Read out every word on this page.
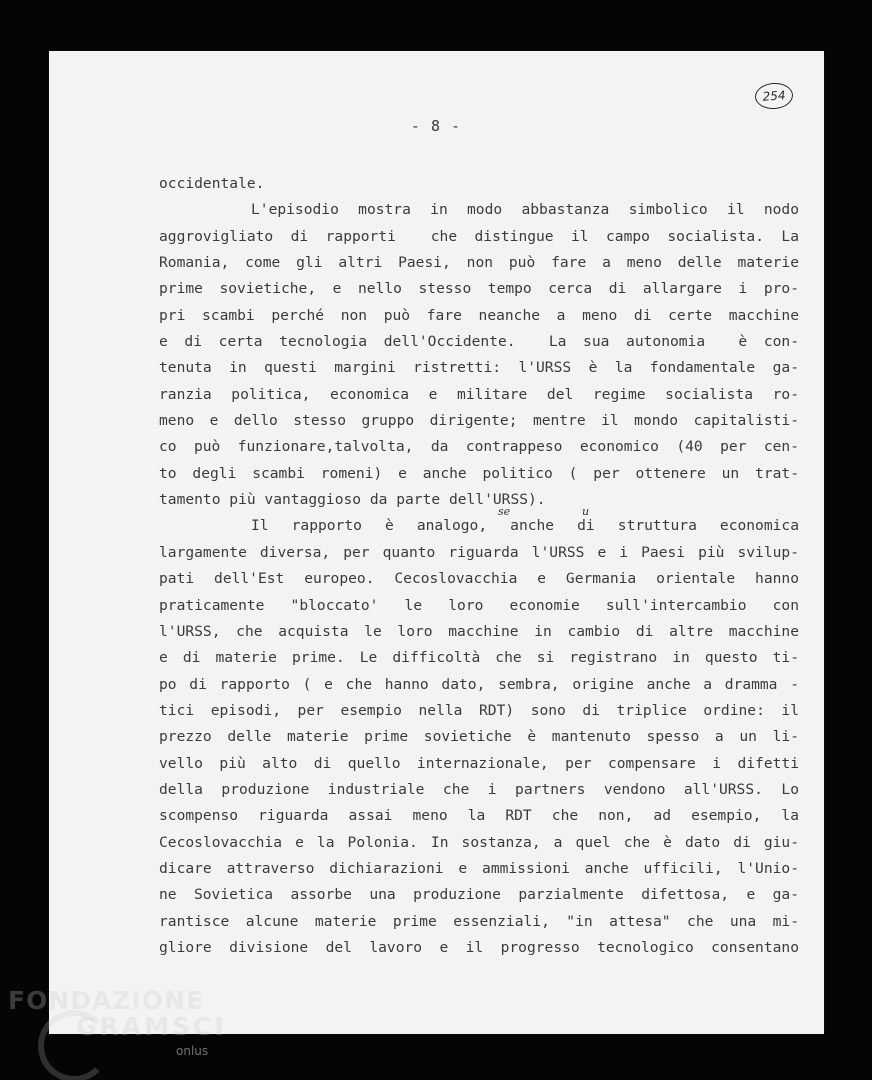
254
- 8 -
occidentale.
L'episodio mostra in modo abbastanza simbolico il nodo
aggrovigliato di rapporti  che distingue il campo socialista. La
Romania, come gli altri Paesi, non può fare a meno delle materie
prime sovietiche, e nello stesso tempo cerca di allargare i pro-
pri scambi perché non può fare neanche a meno di certe macchine
e di certa tecnologia dell'Occidente.  La sua autonomia  è con-
tenuta in questi margini ristretti: l'URSS è la fondamentale ga-
ranzia politica, economica e militare del regime socialista ro-
meno e dello stesso gruppo dirigente; mentre il mondo capitalisti-
co può funzionare,talvolta, da contrappeso economico (40 per cen-
to degli scambi romeni) e anche politico ( per ottenere un trat-
tamento più vantaggioso da parte dell'URSS).
Il rapporto è analogo, anche di struttura economica
largamente diversa, per quanto riguarda l'URSS e i Paesi più svilup-
pati dell'Est europeo. Cecoslovacchia e Germania orientale hanno
praticamente "bloccato' le loro economie sull'intercambio con
l'URSS, che acquista le loro macchine in cambio di altre macchine
e di materie prime. Le difficoltà che si registrano in questo ti-
po di rapporto ( e che hanno dato, sembra, origine anche a dramma -
tici episodi, per esempio nella RDT) sono di triplice ordine: il
prezzo delle materie prime sovietiche è mantenuto spesso a un li-
vello più alto di quello internazionale, per compensare i difetti
della produzione industriale che i partners vendono all'URSS. Lo
scompenso riguarda assai meno la RDT che non, ad esempio, la
Cecoslovacchia e la Polonia. In sostanza, a quel che è dato di giu-
dicare attraverso dichiarazioni e ammissioni anche ufficili, l'Unio-
ne Sovietica assorbe una produzione parzialmente difettosa, e ga-
rantisce alcune materie prime essenziali, "in attesa" che una mi-
gliore divisione del lavoro e il progresso tecnologico consentano
se	u
FONDAZIONE
GRAMSCI
onlus
